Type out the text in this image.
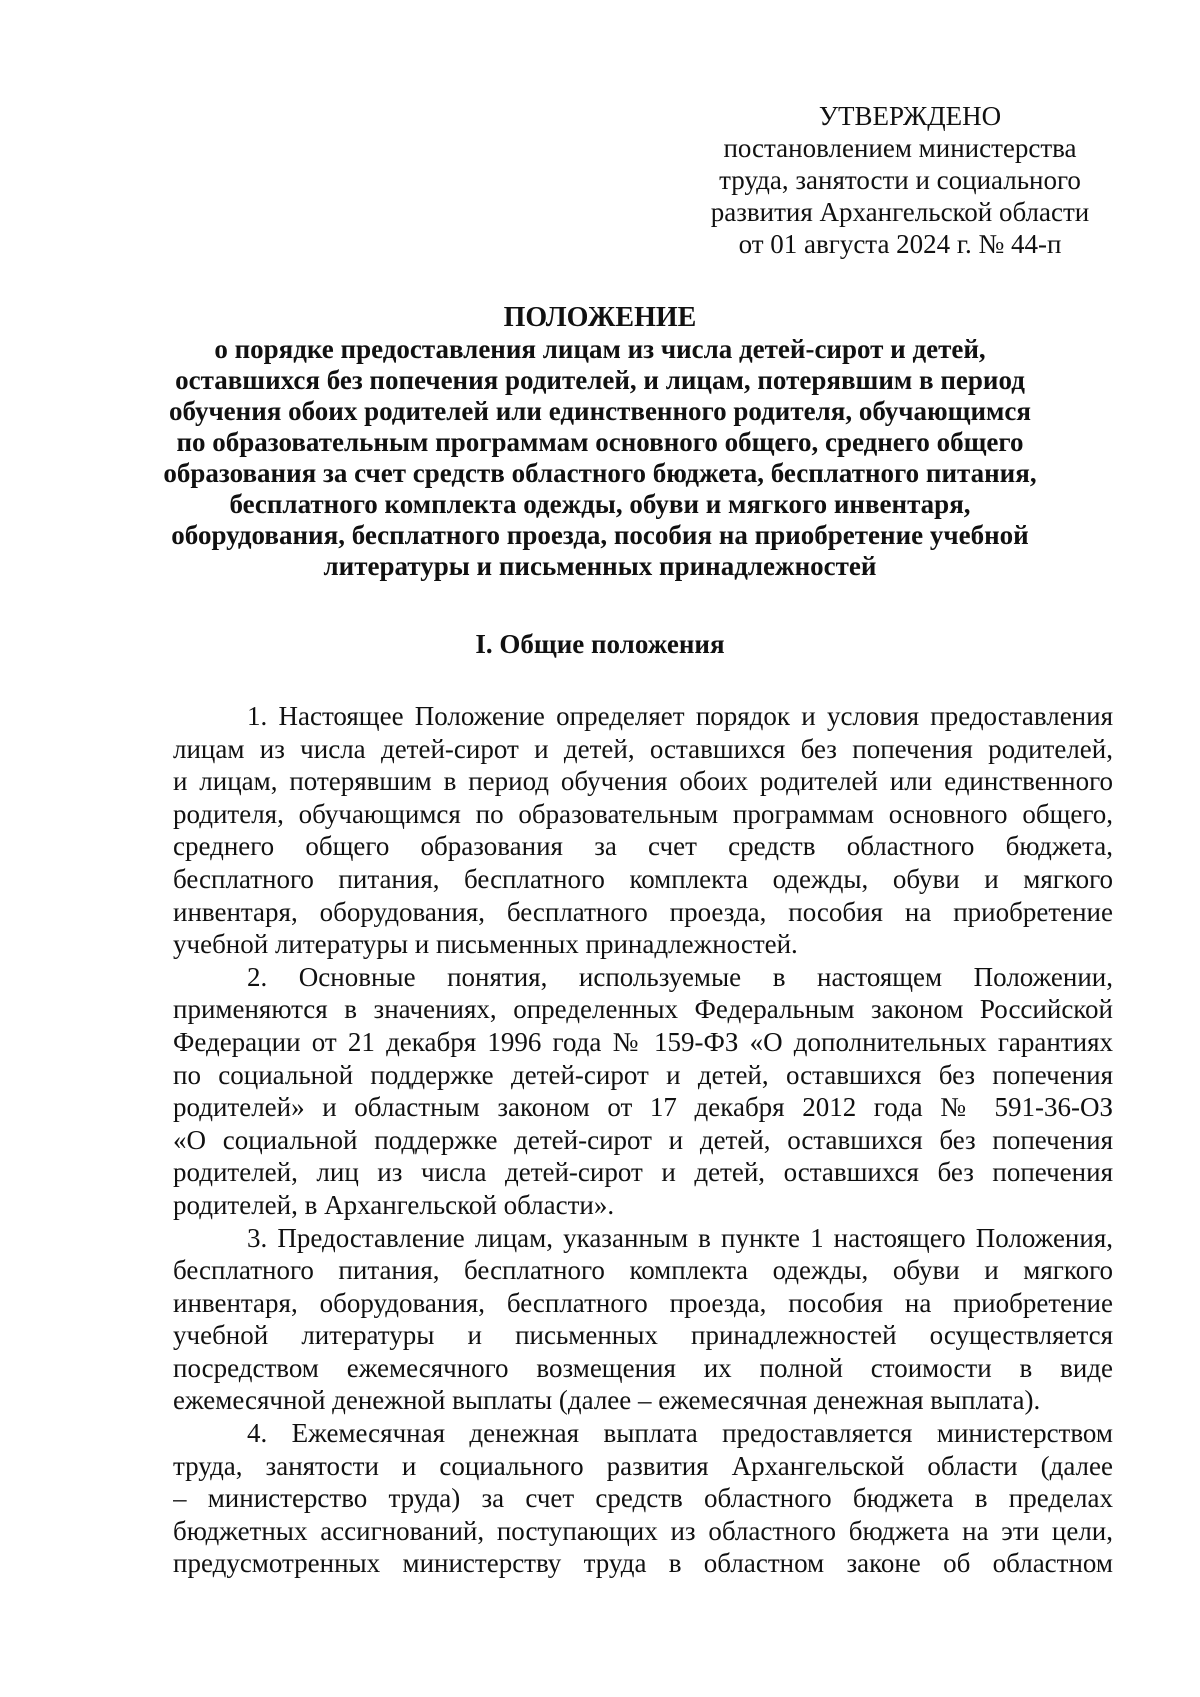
УТВЕРЖДЕНО
постановлением министерства
труда, занятости и социального
развития Архангельской области
от 01 августа 2024 г. № 44-п
ПОЛОЖЕНИЕ
о порядке предоставления лицам из числа детей-сирот и детей,
оставшихся без попечения родителей, и лицам, потерявшим в период
обучения обоих родителей или единственного родителя, обучающимся
по образовательным программам основного общего, среднего общего
образования за счет средств областного бюджета, бесплатного питания,
бесплатного комплекта одежды, обуви и мягкого инвентаря,
оборудования, бесплатного проезда, пособия на приобретение учебной
литературы и письменных принадлежностей
I. Общие положения

1. Настоящее Положение определяет порядок и условия предоставления
лицам из числа детей-сирот и детей, оставшихся без попечения родителей,
и лицам, потерявшим в период обучения обоих родителей или единственного
родителя, обучающимся по образовательным программам основного общего,
среднего общего образования за счет средств областного бюджета,
бесплатного питания, бесплатного комплекта одежды, обуви и мягкого
инвентаря, оборудования, бесплатного проезда, пособия на приобретение
учебной литературы и письменных принадлежностей.

2. Основные понятия, используемые в настоящем Положении,
применяются в значениях, определенных Федеральным законом Российской
Федерации от 21 декабря 1996 года № 159-ФЗ «О дополнительных гарантиях
по социальной поддержке детей-сирот и детей, оставшихся без попечения
родителей» и областным законом от 17 декабря 2012 года № 591-36-ОЗ
«О социальной поддержке детей-сирот и детей, оставшихся без попечения
родителей, лиц из числа детей-сирот и детей, оставшихся без попечения
родителей, в Архангельской области».

3. Предоставление лицам, указанным в пункте 1 настоящего Положения,
бесплатного питания, бесплатного комплекта одежды, обуви и мягкого
инвентаря, оборудования, бесплатного проезда, пособия на приобретение
учебной литературы и письменных принадлежностей осуществляется
посредством ежемесячного возмещения их полной стоимости в виде
ежемесячной денежной выплаты (далее – ежемесячная денежная выплата).

4. Ежемесячная денежная выплата предоставляется министерством
труда, занятости и социального развития Архангельской области (далее
– министерство труда) за счет средств областного бюджета в пределах
бюджетных ассигнований, поступающих из областного бюджета на эти цели,
предусмотренных министерству труда в областном законе об областном
